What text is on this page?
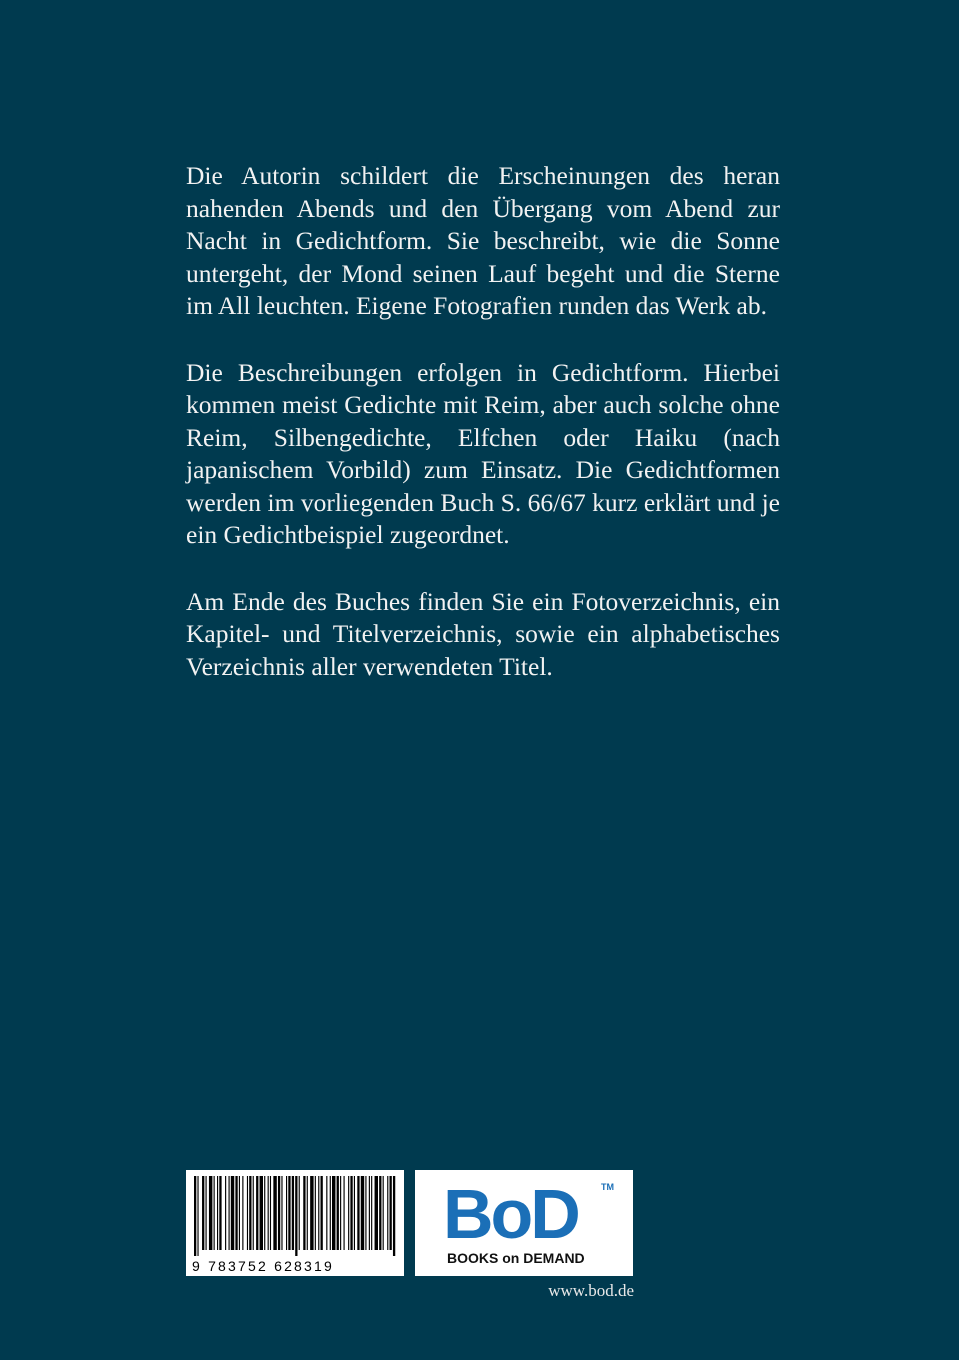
Die Autorin schildert die Erscheinungen des heran nahenden Abends und den Übergang vom Abend zur Nacht in Gedichtform. Sie beschreibt, wie die Sonne untergeht, der Mond seinen Lauf begeht und die Sterne im All leuchten. Eigene Fotografien runden das Werk ab.

Die Beschreibungen erfolgen in Gedichtform. Hierbei kommen meist Gedichte mit Reim, aber auch solche ohne Reim, Silbengedichte, Elfchen oder Haiku (nach japanischem Vorbild) zum Einsatz. Die Gedichtformen werden im vorliegenden Buch S. 66/67 kurz erklärt und je ein Gedichtbeispiel zugeordnet.

Am Ende des Buches finden Sie ein Fotoverzeichnis, ein Kapitel- und Titelverzeichnis, sowie ein alphabetisches Verzeichnis aller verwendeten Titel.

9 783752 628319
BoD	TM
BOOKS on DEMAND
www.bod.de
